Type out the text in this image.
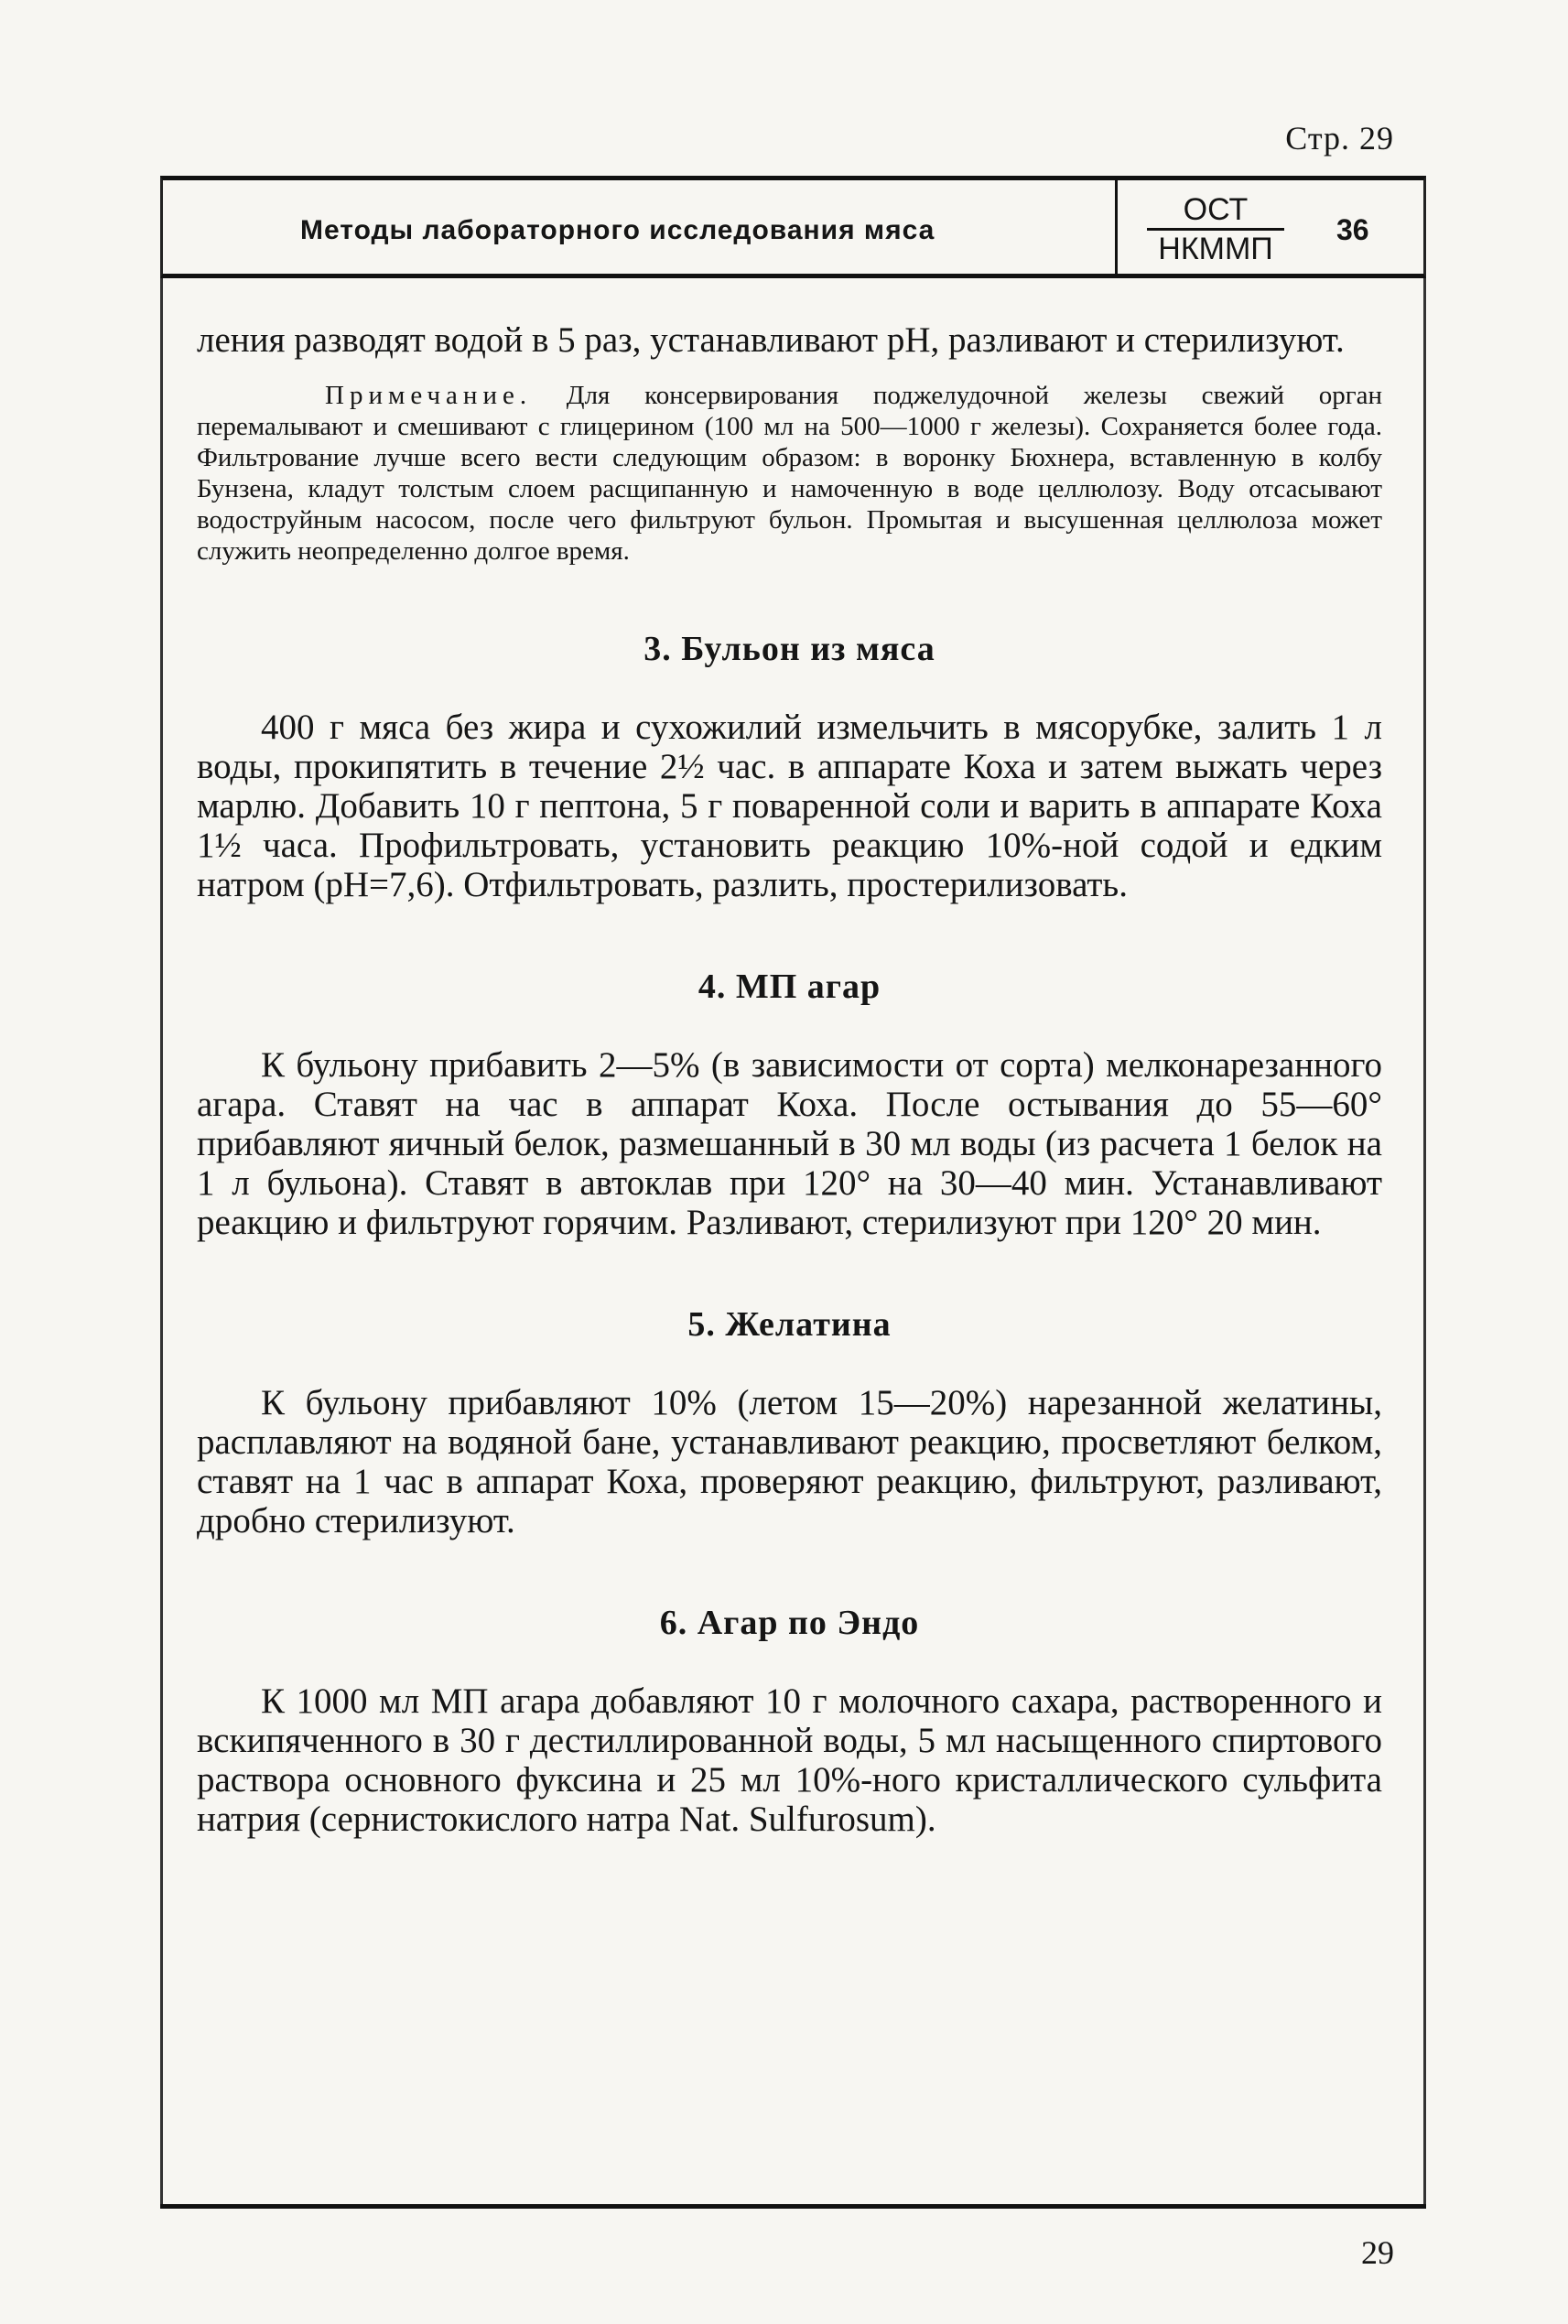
Стр. 29
Методы лабораторного исследования мяса
ОСТ
НКММП
36

ления разводят водой в 5 раз, устанавливают pH, разливают и стерилизуют.

Примечание. Для консервирования поджелудочной железы свежий орган перемалывают и смешивают с глицерином (100 мл на 500—1000 г железы). Сохраняется более года. Фильтрование лучше всего вести следующим образом: в воронку Бюхнера, вставленную в колбу Бунзена, кладут толстым слоем расщипанную и намоченную в воде целлюлозу. Воду отсасывают водоструйным насосом, после чего фильтруют бульон. Промытая и высушенная целлюлоза может служить неопределенно долгое время.

3. Бульон из мяса

400 г мяса без жира и сухожилий измельчить в мясорубке, залить 1 л воды, прокипятить в течение 2½ час. в аппарате Коха и затем выжать через марлю. Добавить 10 г пептона, 5 г поваренной соли и варить в аппарате Коха 1½ часа. Профильтровать, установить реакцию 10%-ной содой и едким натром (pH=7,6). Отфильтровать, разлить, простерилизовать.

4. МП агар

К бульону прибавить 2—5% (в зависимости от сорта) мелконарезанного агара. Ставят на час в аппарат Коха. После остывания до 55—60° прибавляют яичный белок, размешанный в 30 мл воды (из расчета 1 белок на 1 л бульона). Ставят в автоклав при 120° на 30—40 мин. Устанавливают реакцию и фильтруют горячим. Разливают, стерилизуют при 120° 20 мин.

5. Желатина

К бульону прибавляют 10% (летом 15—20%) нарезанной желатины, расплавляют на водяной бане, устанавливают реакцию, просветляют белком, ставят на 1 час в аппарат Коха, проверяют реакцию, фильтруют, разливают, дробно стерилизуют.

6. Агар по Эндо

К 1000 мл МП агара добавляют 10 г молочного сахара, растворенного и вскипяченного в 30 г дестиллированной воды, 5 мл насыщенного спиртового раствора основного фуксина и 25 мл 10%-ного кристаллического сульфита натрия (сернистокислого натра Nat. Sulfurosum).

29
